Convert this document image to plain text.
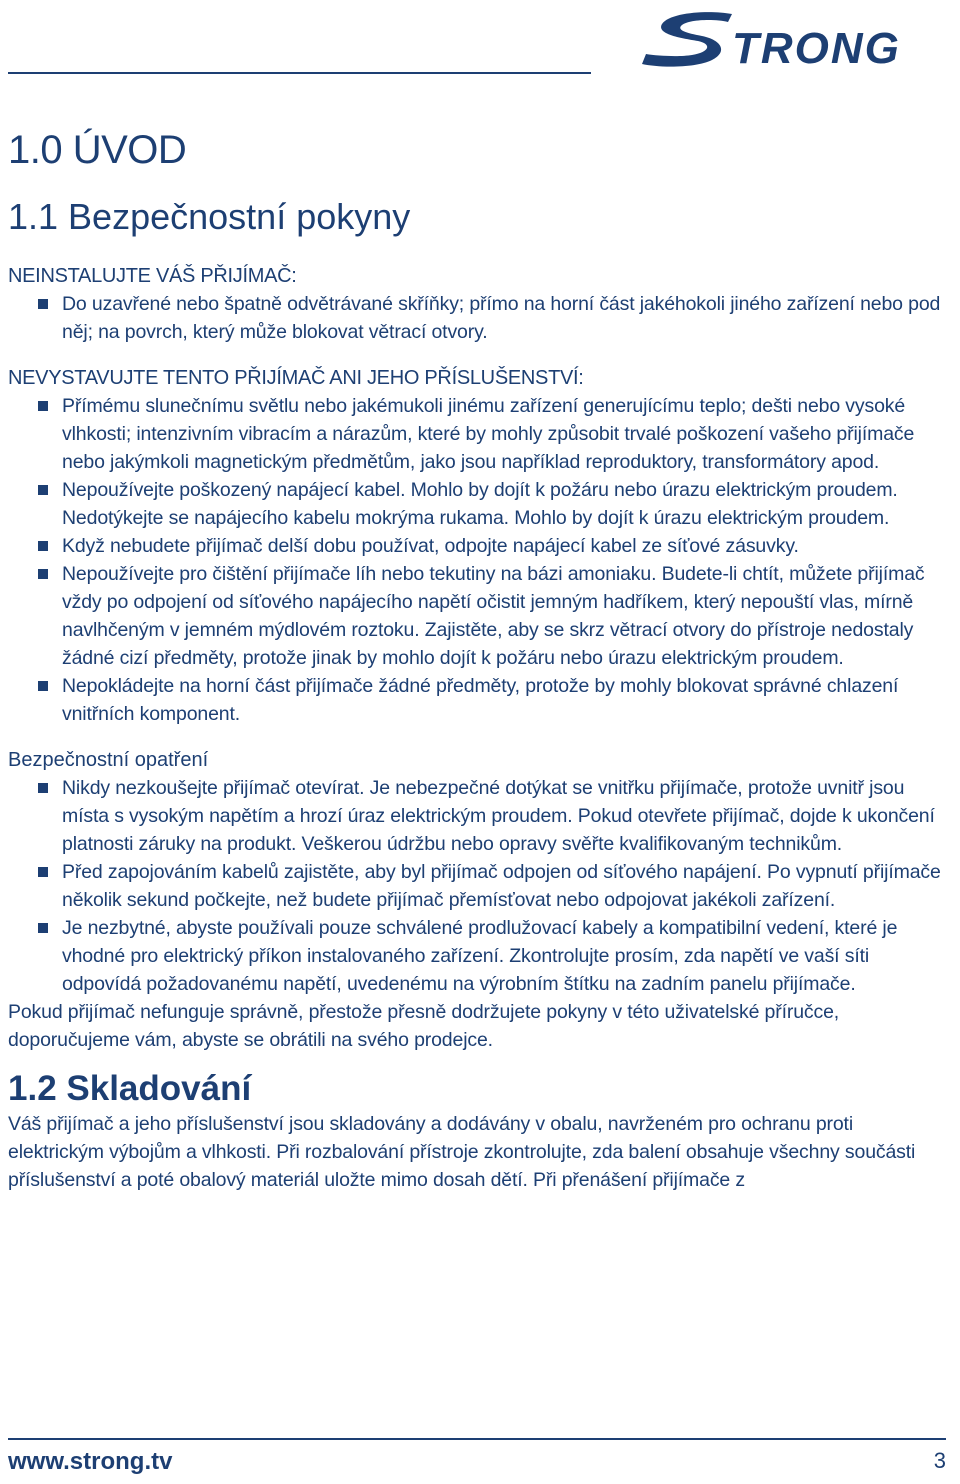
TRONG
1.0 ÚVOD
1.1 Bezpečnostní pokyny
NEINSTALUJTE VÁŠ PŘIJÍMAČ:
Do uzavřené nebo špatně odvětrávané skříňky; přímo na horní část jakéhokoli jiného zařízení nebo pod něj; na povrch, který může blokovat větrací otvory.
NEVYSTAVUJTE TENTO PŘIJÍMAČ ANI JEHO PŘÍSLUŠENSTVÍ:
Přímému slunečnímu světlu nebo jakémukoli jinému zařízení generujícímu teplo; dešti nebo vysoké vlhkosti; intenzivním vibracím a nárazům, které by mohly způsobit trvalé poškození vašeho přijímače nebo jakýmkoli magnetickým předmětům, jako jsou například reproduktory, transformátory apod.
Nepoužívejte poškozený napájecí kabel. Mohlo by dojít k požáru nebo úrazu elektrickým proudem. Nedotýkejte se napájecího kabelu mokrýma rukama. Mohlo by dojít k úrazu elektrickým proudem.
Když nebudete přijímač delší dobu používat, odpojte napájecí kabel ze síťové zásuvky.
Nepoužívejte pro čištění přijímače líh nebo tekutiny na bázi amoniaku. Budete-li chtít, můžete přijímač vždy po odpojení od síťového napájecího napětí očistit jemným hadříkem, který nepouští vlas, mírně navlhčeným v jemném mýdlovém roztoku. Zajistěte, aby se skrz větrací otvory do přístroje nedostaly žádné cizí předměty, protože jinak by mohlo dojít k požáru nebo úrazu elektrickým proudem.
Nepokládejte na horní část přijímače žádné předměty, protože by mohly blokovat správné chlazení vnitřních komponent.
Bezpečnostní opatření
Nikdy nezkoušejte přijímač otevírat. Je nebezpečné dotýkat se vnitřku přijímače, protože uvnitř jsou místa s vysokým napětím a hrozí úraz elektrickým proudem. Pokud otevřete přijímač, dojde k ukončení platnosti záruky na produkt. Veškerou údržbu nebo opravy svěřte kvalifikovaným technikům.
Před zapojováním kabelů zajistěte, aby byl přijímač odpojen od síťového napájení. Po vypnutí přijímače několik sekund počkejte, než budete přijímač přemísťovat nebo odpojovat jakékoli zařízení.
Je nezbytné, abyste používali pouze schválené prodlužovací kabely a kompatibilní vedení, které je vhodné pro elektrický příkon instalovaného zařízení. Zkontrolujte prosím, zda napětí ve vaší síti odpovídá požadovanému napětí, uvedenému na výrobním štítku na zadním panelu přijímače.

Pokud přijímač nefunguje správně, přestože přesně dodržujete pokyny v této uživatelské příručce, doporučujeme vám, abyste se obrátili na svého prodejce.

1.2 Skladování

Váš přijímač a jeho příslušenství jsou skladovány a dodávány v obalu, navrženém pro ochranu proti elektrickým výbojům a vlhkosti. Při rozbalování přístroje zkontrolujte, zda balení obsahuje všechny součásti příslušenství a poté obalový materiál uložte mimo dosah dětí. Při přenášení přijímače z

www.strong.tv	3
